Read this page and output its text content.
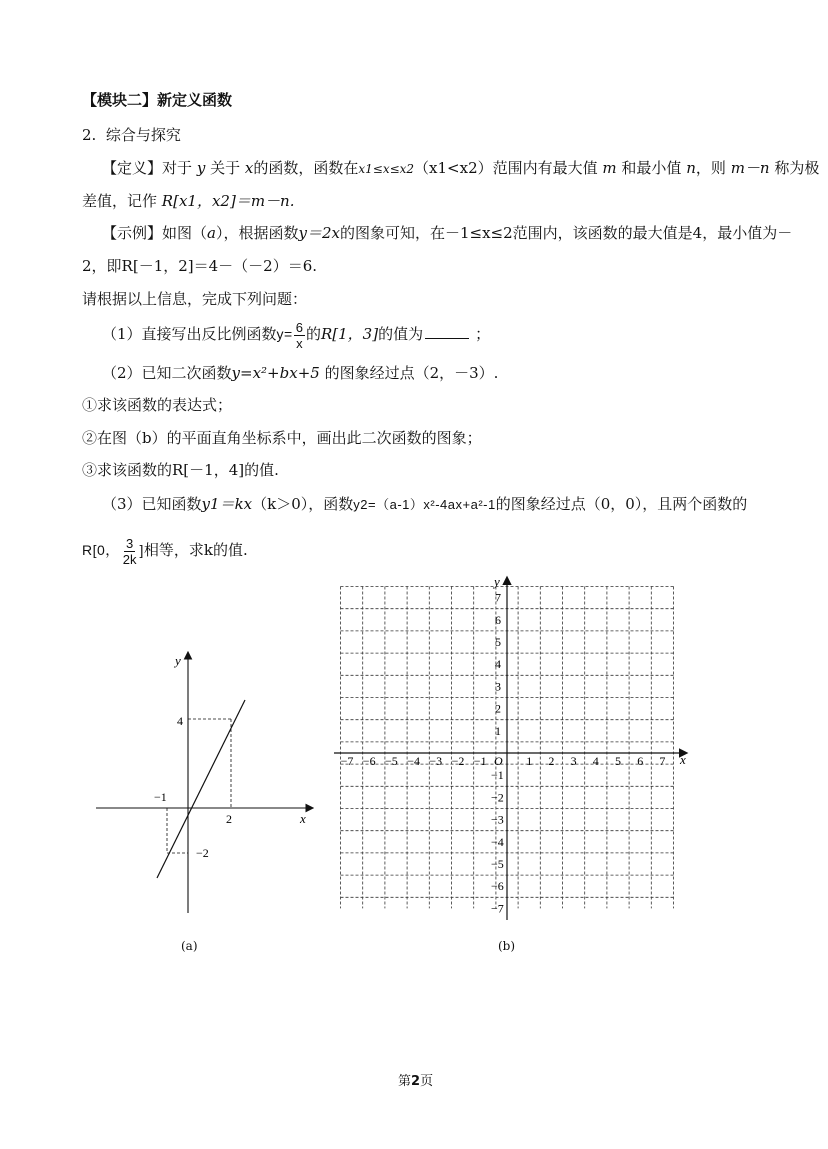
【模块二】新定义函数
2. 综合与探究
【定义】对于 y 关于 x的函数，函数在x1≤x≤x2（x1<x2）范围内有最大值 m 和最小值 n，则 m－n 称为极
差值，记作 R[x1，x2]＝m－n.
【示例】如图（a），根据函数y＝2x的图象可知，在－1≤x≤2范围内，该函数的最大值是4，最小值为－
2，即R[－1，2]＝4－（－2）＝6.
请根据以上信息，完成下列问题：
（1）直接写出反比例函数$y= \frac{6}{x}$ 的R[1，3]的值为	；
（2）已知二次函数y=x²+bx+5 的图象经过点（2，－3）.
①求该函数的表达式；
②在图（b）的平面直角坐标系中，画出此二次函数的图象；
③求该函数的R[－1，4]的值.
（3）已知函数y1＝kx（k＞0），函数y2=（a-1）x²-4ax+a²-1的图象经过点（0，0），且两个函数的
R[0， $\frac{3}{2k}$ ]相等，求k的值.
y
x
4
−1
2
−2
(a)
−7 −6 −5 −4 −3 −2 −1	1 2 3 4 5 6 7
7
6
5
4
3
2
1
−1
−2
−3
−4
−5
−6
−7
y
x
O
(b)
第2页
